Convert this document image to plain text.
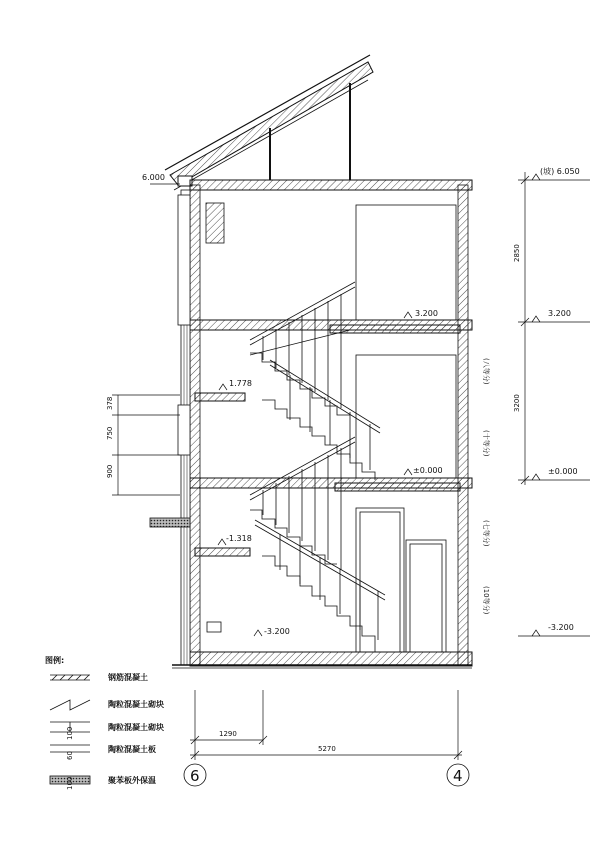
6.000
(坡) 6.050
3.200
±0.000
-3.200
2850
3200
(八等分)
(十等分)
(七等分)
(10等分)
3.200
1.778
±0.000
-1.318
-3.200
378
750
900
1290
5270
6	4
图例:
钢筋混凝土
陶粒混凝土砌块
陶粒混凝土砌块
陶粒混凝土板
聚苯板外保温
100
60
100
